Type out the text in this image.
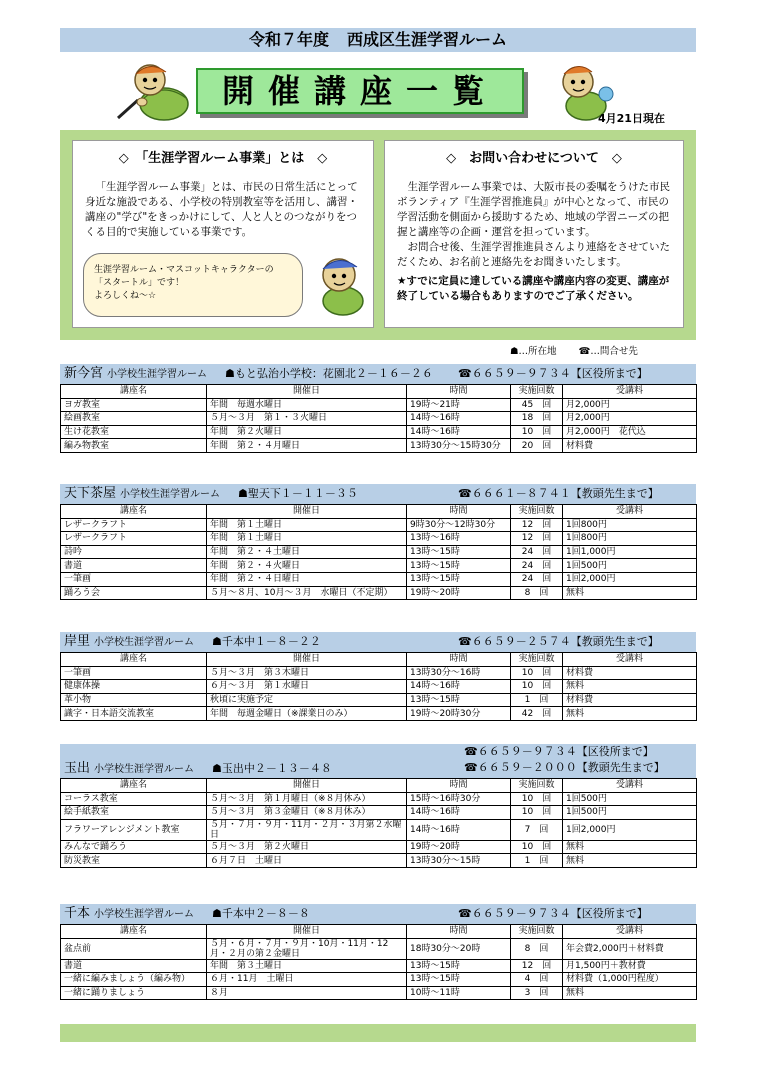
令和７年度 西成区生涯学習ルーム
開催講座一覧
4月21日現在
◇　「生涯学習ルーム事業」とは　◇

「生涯学習ルーム事業」とは、市民の日常生活にとって身近な施設である、小学校の特別教室等を活用し、講習・講座の"学び"をきっかけにして、人と人とのつながりをつくる目的で実施している事業です。

生涯学習ルーム・マスコットキャラクターの
「スタートル」です！
よろしくね～☆
◇　お問い合わせについて　◇

生涯学習ルーム事業では、大阪市長の委嘱をうけた市民ボランティア『生涯学習推進員』が中心となって、市民の学習活動を側面から援助するため、地域の学習ニーズの把握と講座等の企画・運営を担っています。

お問合せ後、生涯学習推進員さんより連絡をさせていただくため、お名前と連絡先をお聞きいたします。

★すでに定員に達している講座や講座内容の変更、講座が終了している場合もありますのでご了承ください。

☗…所在地 ☎…問合せ先
新今宮 小学校生涯学習ルーム ☗もと弘治小学校：花園北２－１６－２６ ☎６６５９－９７３４【区役所まで】
講座名	開催日	時間	実施回数	受講料
ヨガ教室	年間　毎週水曜日	19時～21時	45　回	月2,000円
絵画教室	５月～３月　第１・３火曜日	14時～16時	18　回	月2,000円
生け花教室	年間　第２火曜日	14時～16時	10　回	月2,000円　花代込
編み物教室	年間　第２・４月曜日	13時30分～15時30分	20　回	材料費
天下茶屋 小学校生涯学習ルーム ☗聖天下１－１１－３５	☎６６６１－８７４１【教頭先生まで】
講座名	開催日	時間	実施回数	受講料
レザークラフト	年間　第１土曜日	9時30分～12時30分	12　回	1回800円
レザークラフト	年間　第１土曜日	13時～16時	12　回	1回800円
詩吟	年間　第２・４土曜日	13時～15時	24　回	1回1,000円
書道	年間　第２・４火曜日	13時～15時	24　回	1回500円
一筆画	年間　第２・４日曜日	13時～15時	24　回	1回2,000円
踊ろう会	５月～８月、10月～３月　水曜日（不定期）	19時～20時	8　回	無料
岸里 小学校生涯学習ルーム ☗千本中１－８－２２	☎６６５９－２５７４【教頭先生まで】
講座名	開催日	時間	実施回数	受講料
一筆画	５月～３月　第３木曜日	13時30分～16時	10　回	材料費
健康体操	６月～３月　第１水曜日	14時～16時	10　回	無料
革小物	秋頃に実施予定	13時～15時	1　回	材料費
識字・日本語交流教室	年間　毎週金曜日（※課業日のみ）	19時～20時30分	42　回	無料
☎６６５９－９７３４【区役所まで】
玉出 小学校生涯学習ルーム ☗玉出中２－１３－４８	☎６６５９－２０００【教頭先生まで】
講座名	開催日	時間	実施回数	受講料
コーラス教室	５月～３月　第１月曜日（※８月休み）	15時～16時30分	10　回	1回500円
絵手紙教室	５月～３月　第３金曜日（※８月休み）	14時～16時	10　回	1回500円
フラワーアレンジメント教室	５月・７月・９月・11月・２月・３月第２水曜日	14時～16時	7　回	1回2,000円
みんなで踊ろう	５月～３月　第２火曜日	19時～20時	10　回	無料
防災教室	６月７日　土曜日	13時30分～15時	1　回	無料
千本 小学校生涯学習ルーム ☗千本中２－８－８	☎６６５９－９７３４【区役所まで】
講座名	開催日	時間	実施回数	受講料
盆点前	５月・６月・７月・９月・10月・11月・12月・２月の第２金曜日	18時30分～20時	8　回	年会費2,000円＋材料費
書道	年間　第３土曜日	13時～15時	12　回	月1,500円＋教材費
一緒に編みましょう（編み物）	６月・11月　土曜日	13時～15時	4　回	材料費（1,000円程度）
一緒に踊りましょう	８月	10時～11時	3　回	無料
